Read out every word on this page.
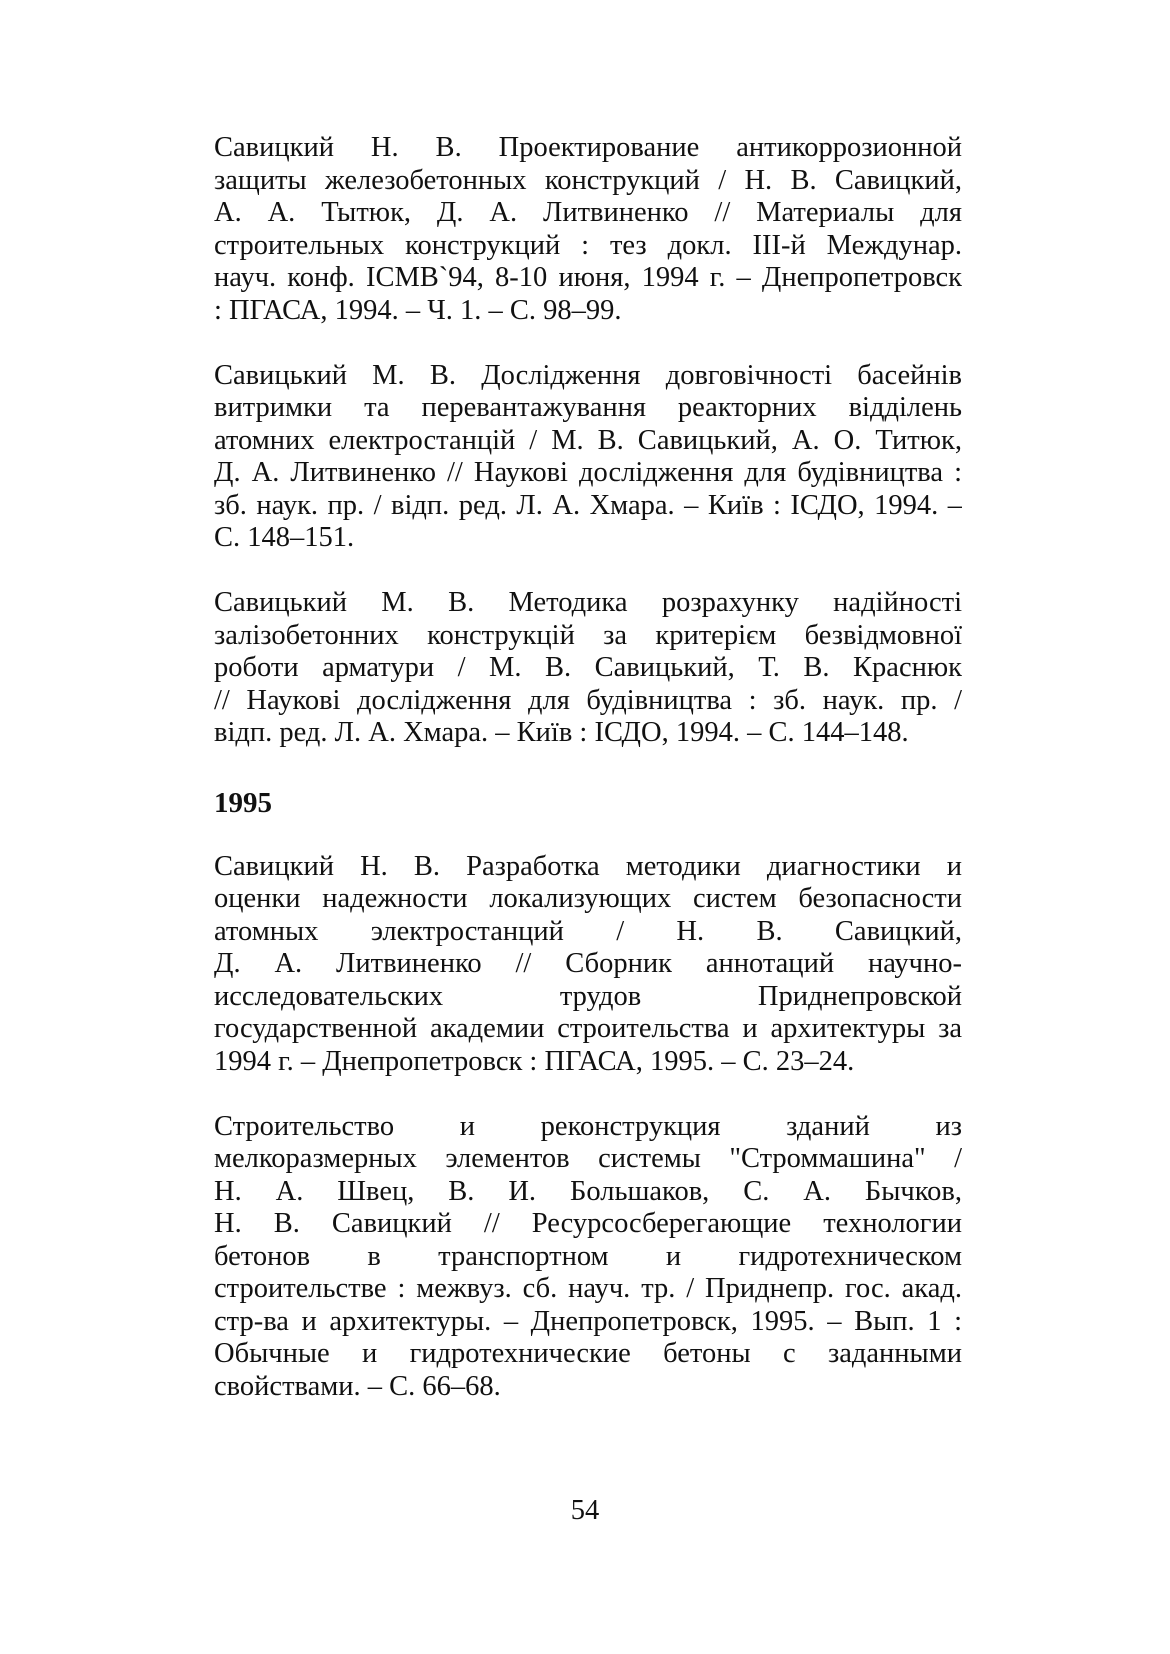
Савицкий Н. В. Проектирование антикоррозионной
защиты железобетонных конструкций / Н. В. Савицкий,
А. А. Тытюк, Д. А. Литвиненко // Материалы для
строительных конструкций : тез докл. III-й Междунар.
науч. конф. ICMB`94, 8-10 июня, 1994 г. – Днепропетровск
: ПГАСА, 1994. – Ч. 1. – С. 98–99.
Савицький М. В. Дослідження довговічності басейнів
витримки та перевантажування реакторних відділень
атомних електростанцій / М. В. Савицький, А. О. Титюк,
Д. А. Литвиненко // Наукові дослідження для будівництва :
зб. наук. пр. / відп. ред. Л. А. Хмара. – Київ : ІСДО, 1994. –
С. 148–151.
Савицький М. В. Методика розрахунку надійності
залізобетонних конструкцій за критерієм безвідмовної
роботи арматури / М. В. Савицький, Т. В. Краснюк
// Наукові дослідження для будівництва : зб. наук. пр. /
відп. ред. Л. А. Хмара. – Київ : ІСДО, 1994. – С. 144–148.
1995
Савицкий Н. В. Разработка методики диагностики и
оценки надежности локализующих систем безопасности
атомных электростанций / Н. В. Савицкий,
Д. А. Литвиненко // Сборник аннотаций научно-
исследовательских трудов Приднепровской
государственной академии строительства и архитектуры за
1994 г. – Днепропетровск : ПГАСА, 1995. – С. 23–24.
Строительство и реконструкция зданий из
мелкоразмерных элементов системы "Строммашина" /
Н. А. Швец, В. И. Большаков, С. А. Бычков,
Н. В. Савицкий // Ресурсосберегающие технологии
бетонов в транспортном и гидротехническом
строительстве : межвуз. сб. науч. тр. / Приднепр. гос. акад.
стр-ва и архитектуры. – Днепропетровск, 1995. – Вып. 1 :
Обычные и гидротехнические бетоны с заданными
свойствами. – С. 66–68.
54
